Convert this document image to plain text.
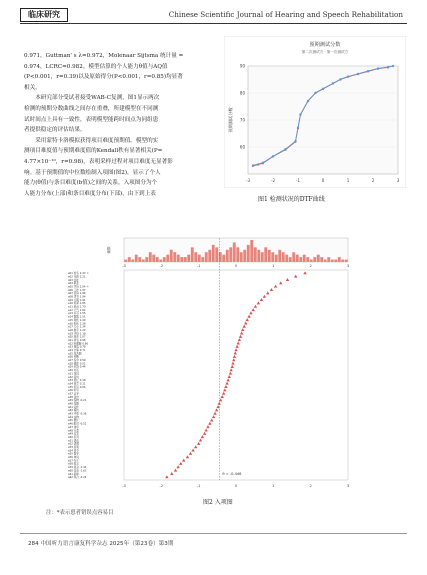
临床研究	Chinese Scientific Journal of Hearing and Speech Rehabilitation

0.971，Guttman' s λ=0.972，Molenaar Sijtsma 统计量 =

0.974，LCRC=0.982。模型估算的个人能力θ值与AQ值

(P<0.001，r=0.39)以及原始得分(P<0.001，r=0.85)均显著

相关。

　　本研究部分受试者接受WAB-C复测，图1显示两次

检测的预期分数曲线之间存在重叠，所建模型在不同测

试时间点上具有一致性，表明模型能跨时间点为同组患

者提供稳定的评估结果。

　　采用蒙特卡洛模拟获得项目难度预期值。模型的实

测项目难度值与预期难度值的Kendall秩有显著相关(P=

4.77×10⁻¹⁰，r=0.98)，表明采样过程对项目难度无显著影

响。基于预期值的中位数绘制入项图(图2)，显示了个人

能力(θ值)与条目难度(b值)之间的关系。入项图分为个

人能力分布(上部)和条目难度分布(下部)，由下到上表

预期测试分数
第二次测试方 · 第一次测试方
60
70
80
90
-3	-2	-1	0	1	2	3
预期测试分数
图1 检测状况的DTF曲线
频数
-3	-2	-1	0	1	2	3
θ = -0.446
a01 姓名 2.43 ＊
a02 年龄 2.21
a03 住址
a04 职业
a05 学历 2.04 ＊
a06 工作 1.97
a07 家庭 1.96
a08 季节 1.94
a09 日期 1.91
a10 时间 1.85
a11 地点 1.79
a12 天气 1.62
a13 书写 1.55
a14 数数 1.51
a15 颜色 1.49
a16 形状 1.38
a17 大小 1.34
a18 数字 1.22
a19 字母 1.18
a20 复述 1.07
a21 命名 0.96
a22 听理解 0.86
a23 阅读 0.78
a24 计算 0.71
a25 是否题
a26 判断
a27 指令 0.59
a28 描述 0.51
a29 问答 0.44
a30 对话
a31 找词
a32 造句
a33 回忆 0.18
a34 复写 0.11
a35 抄写 0.04
a36 听写
a37 认字
a38 读句
a39 指物 -0.21
a40 指图
a41 动作
a42 模仿
a43 手势 -0.38
a44 实物
a45 图片
a46 配对 -0.52
a47 排序
a48 分类
a49 自发
a50 系列
a51 语音
a52 语调
a53 流利
a54 命令
a55 数字
a56 单词
a57 句子
a58 短文
a59 复杂 -1.42
a60 自动 -1.63
a61 韵律
a62 综合 -2.24
-3	-2	-1	0	1	2	3
图2 入项图
注：*表示患者错误点容易目
284 中国听力语言康复科学杂志 2025年（第23卷）第3期
